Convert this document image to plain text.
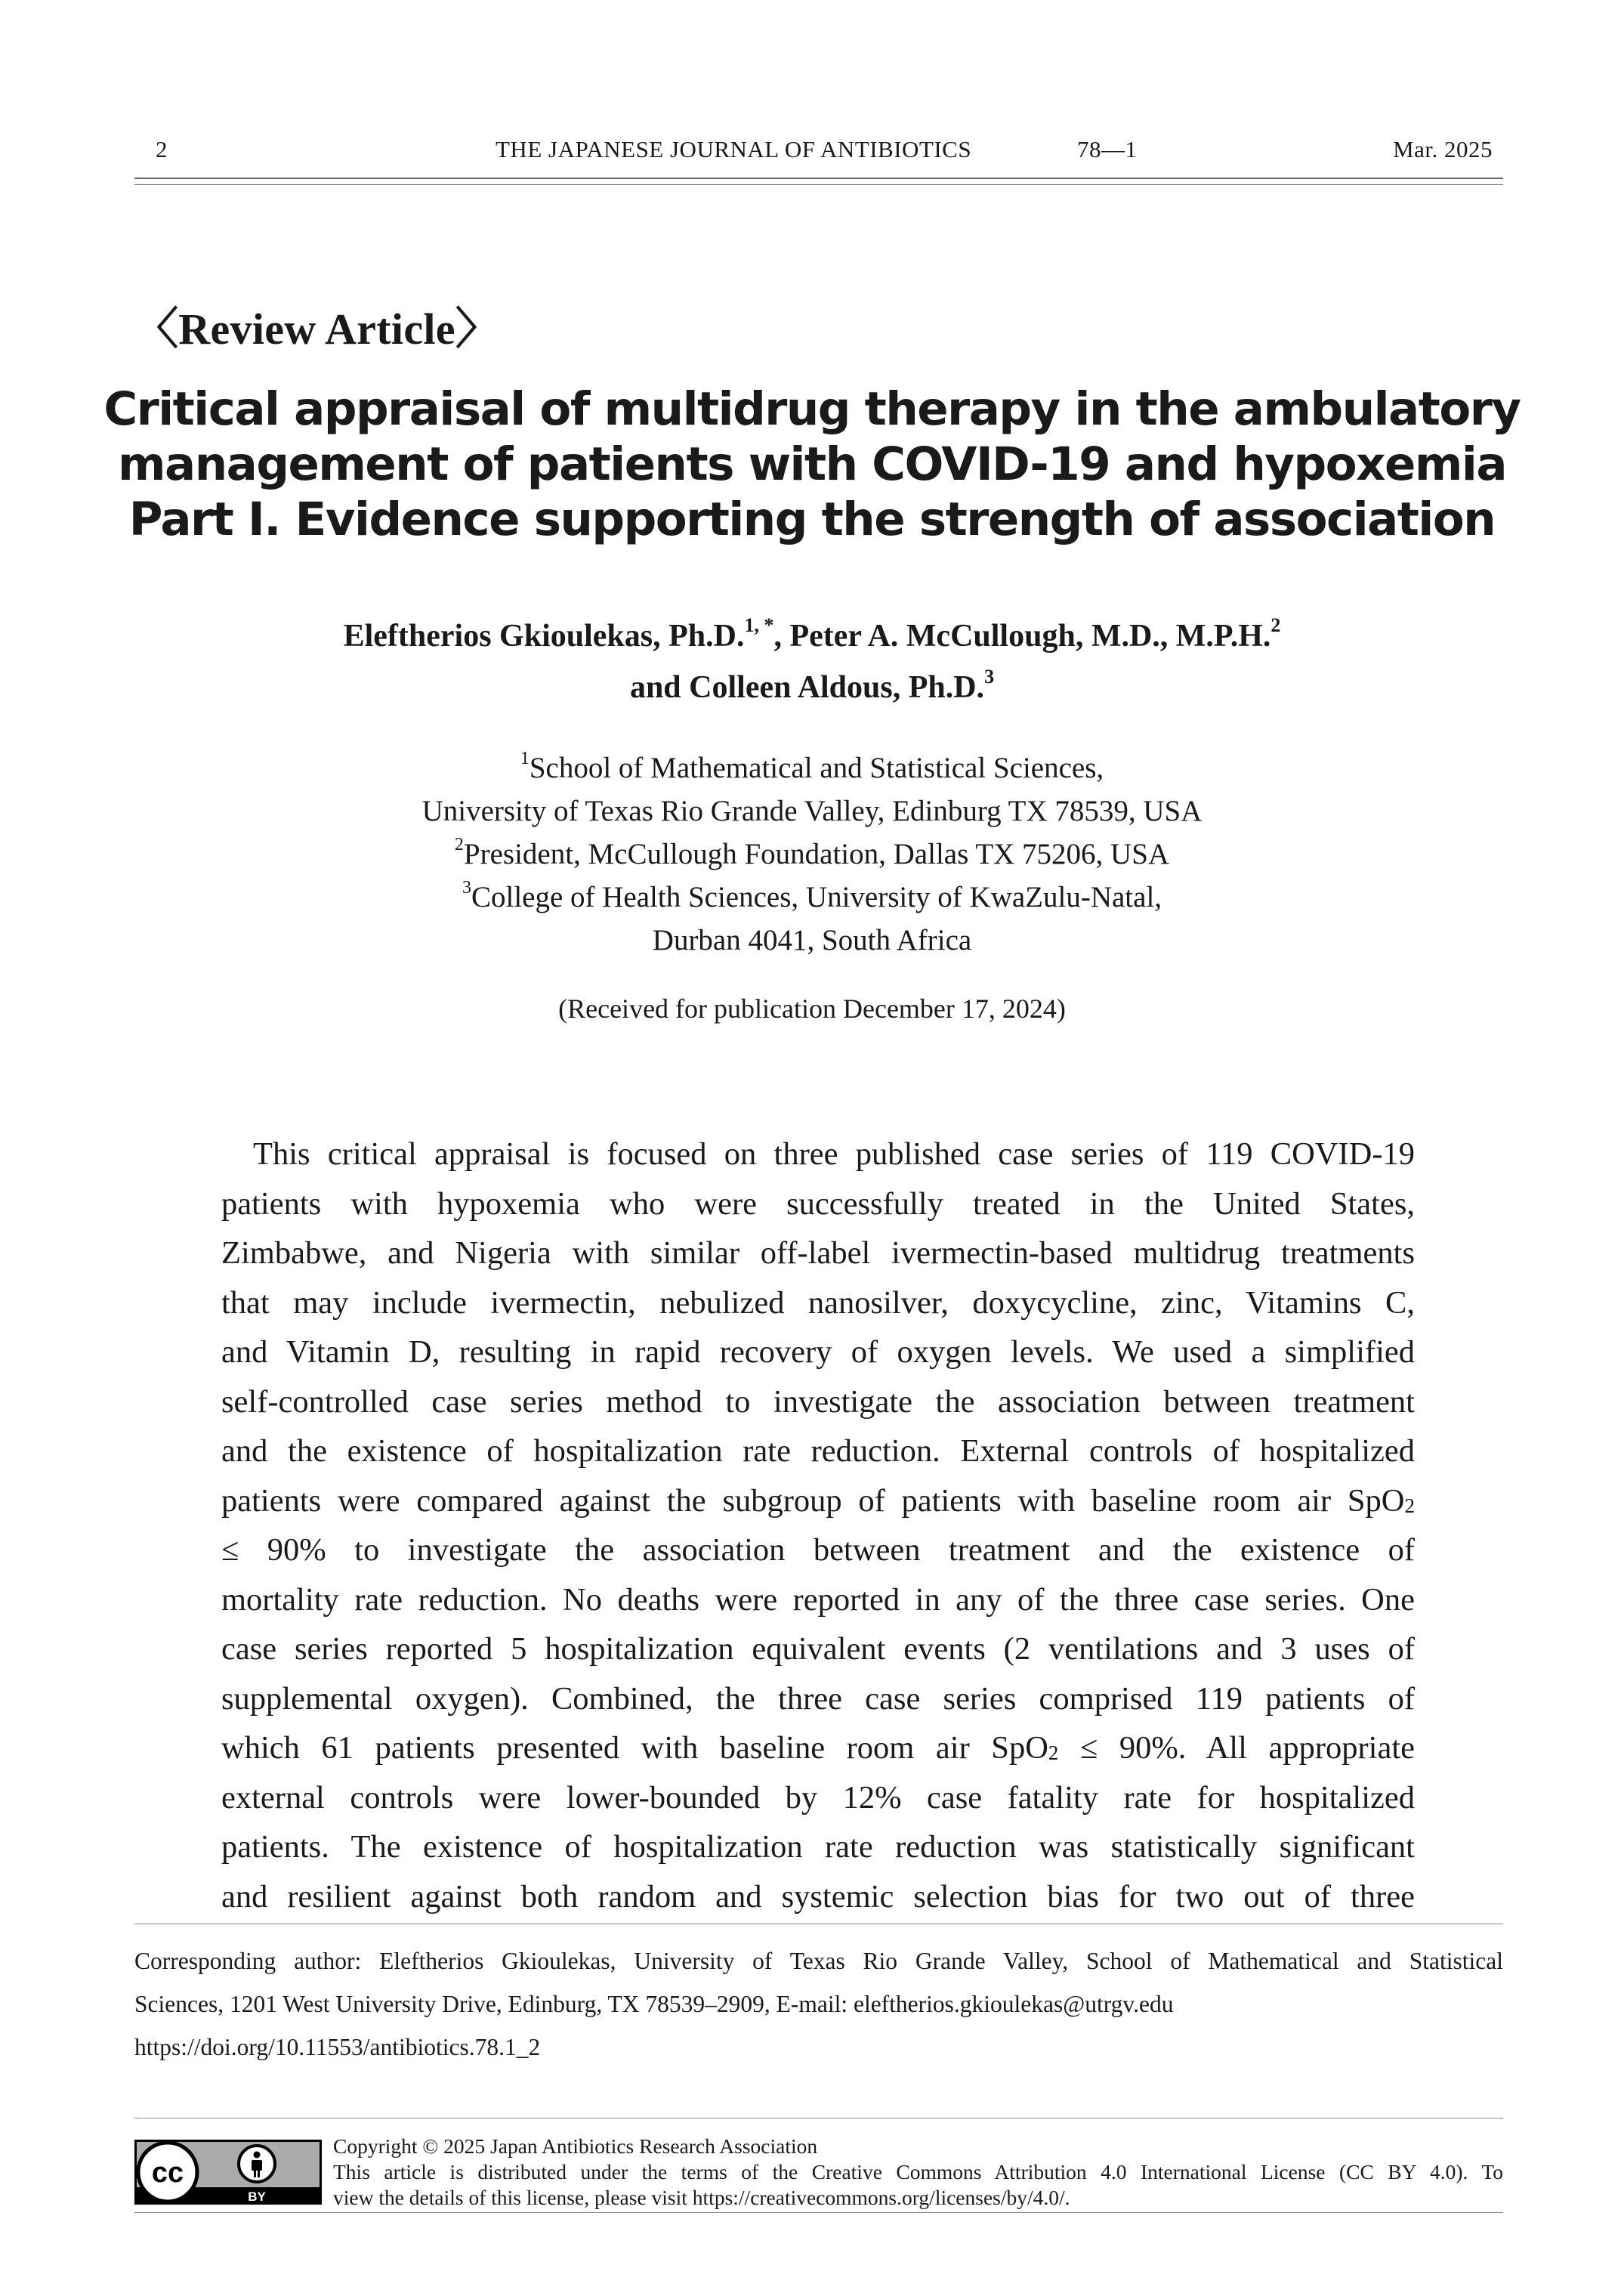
2	THE JAPANESE JOURNAL OF ANTIBIOTICS	78—1	Mar. 2025
〈Review Article〉
Critical appraisal of multidrug therapy in the ambulatory
management of patients with COVID-19 and hypoxemia
Part I. Evidence supporting the strength of association
Eleftherios Gkioulekas, Ph.D.$^{1, *}$, Peter A. McCullough, M.D., M.P.H.$^2$
and Colleen Aldous, Ph.D.$^3$
$^1$School of Mathematical and Statistical Sciences,
University of Texas Rio Grande Valley, Edinburg TX 78539, USA
$^2$President, McCullough Foundation, Dallas TX 75206, USA
$^3$College of Health Sciences, University of KwaZulu-Natal,
Durban 4041, South Africa
(Received for publication December 17, 2024)
This critical appraisal is focused on three published case series of 119 COVID-19
patients with hypoxemia who were successfully treated in the United States,
Zimbabwe, and Nigeria with similar off-label ivermectin-based multidrug treatments
that may include ivermectin, nebulized nanosilver, doxycycline, zinc, Vitamins C,
and Vitamin D, resulting in rapid recovery of oxygen levels. We used a simplified
self-controlled case series method to investigate the association between treatment
and the existence of hospitalization rate reduction. External controls of hospitalized
patients were compared against the subgroup of patients with baseline room air SpO$_2$
≤ 90% to investigate the association between treatment and the existence of
mortality rate reduction. No deaths were reported in any of the three case series. One
case series reported 5 hospitalization equivalent events (2 ventilations and 3 uses of
supplemental oxygen). Combined, the three case series comprised 119 patients of
which 61 patients presented with baseline room air SpO$_2$ ≤ 90%. All appropriate
external controls were lower-bounded by 12% case fatality rate for hospitalized
patients. The existence of hospitalization rate reduction was statistically significant
and resilient against both random and systemic selection bias for two out of three
Corresponding author: Eleftherios Gkioulekas, University of Texas Rio Grande Valley, School of Mathematical and Statistical
Sciences, 1201 West University Drive, Edinburg, TX 78539–2909, E-mail: eleftherios.gkioulekas@utrgv.edu
https://doi.org/10.11553/antibiotics.78.1_2
cc
BY
Copyright © 2025 Japan Antibiotics Research Association
This article is distributed under the terms of the Creative Commons Attribution 4.0 International License (CC BY 4.0). To
view the details of this license, please visit https://creativecommons.org/licenses/by/4.0/.
